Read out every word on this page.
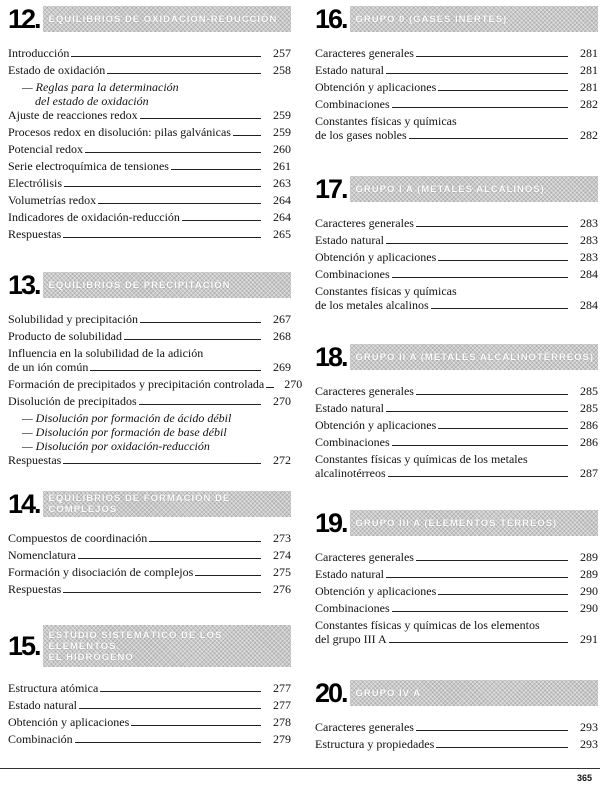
365
12. EQUILIBRIOS DE OXIDACIÓN-REDUCCIÓN
Introducción	257
Estado de oxidación	258
— Reglas para la determinación
del estado de oxidación
Ajuste de reacciones redox	259
Procesos redox en disolución: pilas galvánicas	259
Potencial redox	260
Serie electroquímica de tensiones	261
Electrólisis	263
Volumetrías redox	264
Indicadores de oxidación-reducción	264
Respuestas	265
13. EQUILIBRIOS DE PRECIPITACIÓN
Solubilidad y precipitación	267
Producto de solubilidad	268
Influencia en la solubilidad de la adición
de un ión común	269
Formación de precipitados y precipitación controlada 270
Disolución de precipitados	270
— Disolución por formación de ácido débil
— Disolución por formación de base débil
— Disolución por oxidación-reducción
Respuestas	272
14. EQUILIBRIOS DE FORMACIÓN DE COMPLEJOS
Compuestos de coordinación	273
Nomenclatura	274
Formación y disociación de complejos	275
Respuestas	276
15. ESTUDIO SISTEMÁTICO DE LOS ELEMENTOS.
EL HIDRÓGENO
Estructura atómica	277
Estado natural	277
Obtención y aplicaciones	278
Combinación	279
16. GRUPO 0 (GASES INERTES)
Caracteres generales	281
Estado natural	281
Obtención y aplicaciones	281
Combinaciones	282
Constantes físicas y químicas
de los gases nobles	282
17. GRUPO I A (METALES ALCALINOS)
Caracteres generales	283
Estado natural	283
Obtención y aplicaciones	283
Combinaciones	284
Constantes físicas y químicas
de los metales alcalinos	284
18. GRUPO II A (METALES ALCALINOTÉRREOS)
Caracteres generales	285
Estado natural	285
Obtención y aplicaciones	286
Combinaciones	286
Constantes físicas y químicas de los metales
alcalinotérreos	287
19. GRUPO III A (ELEMENTOS TÉRREOS)
Caracteres generales	289
Estado natural	289
Obtención y aplicaciones	290
Combinaciones	290
Constantes físicas y químicas de los elementos
del grupo III A	291
20. GRUPO IV A
Caracteres generales	293
Estructura y propiedades	293
